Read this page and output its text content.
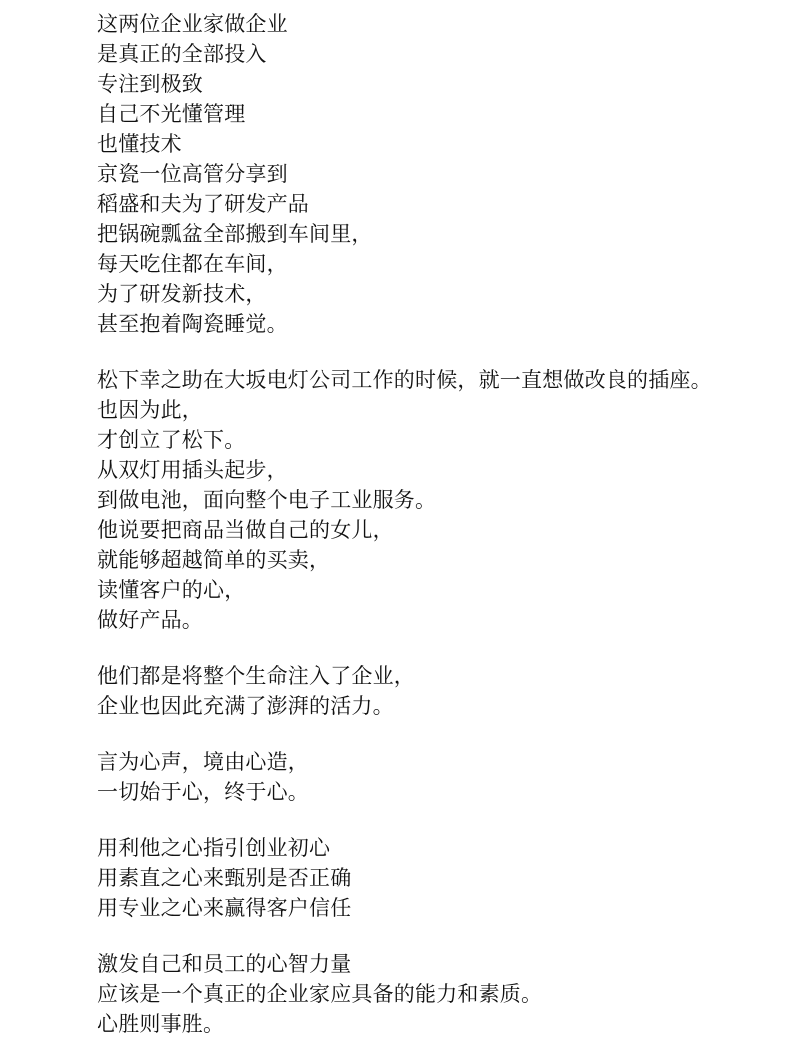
这两位企业家做企业
是真正的全部投入
专注到极致
自己不光懂管理
也懂技术
京瓷一位高管分享到
稻盛和夫为了研发产品
把锅碗瓢盆全部搬到车间里，
每天吃住都在车间，
为了研发新技术，
甚至抱着陶瓷睡觉。
松下幸之助在大坂电灯公司工作的时候，就一直想做改良的插座。
也因为此，
才创立了松下。
从双灯用插头起步，
到做电池，面向整个电子工业服务。
他说要把商品当做自己的女儿，
就能够超越简单的买卖，
读懂客户的心，
做好产品。
他们都是将整个生命注入了企业，
企业也因此充满了澎湃的活力。
言为心声，境由心造，
一切始于心，终于心。
用利他之心指引创业初心
用素直之心来甄别是否正确
用专业之心来赢得客户信任
激发自己和员工的心智力量
应该是一个真正的企业家应具备的能力和素质。
心胜则事胜。
